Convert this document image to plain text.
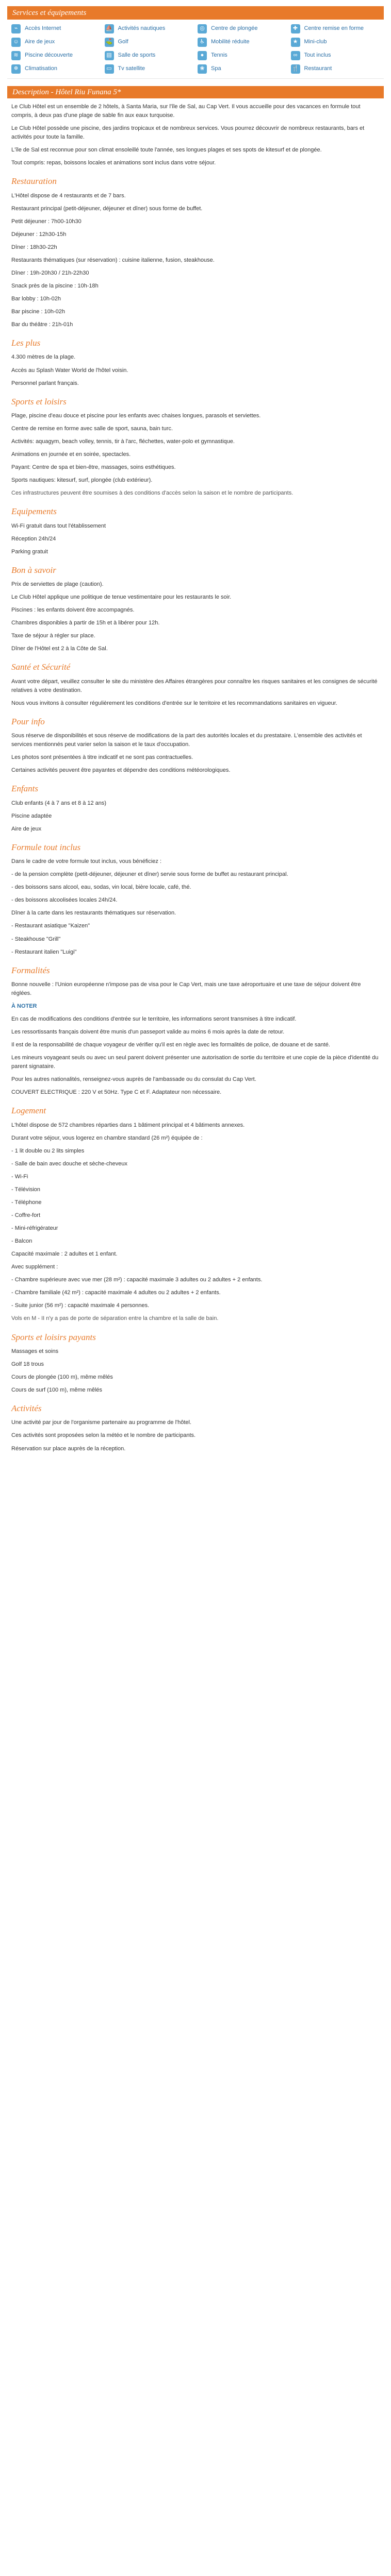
Services et équipements
⌁	Accès Internet	⛵ Activités nautiques	◎	Centre de plongée	✚	Centre remise en forme
☺	Aire de jeux	⛳ Golf	♿	Mobilité réduite	★	Mini-club
≋	Piscine découverte	▤	Salle de sports	●	Tennis	∞	Tout inclus
❄	Climatisation	▭	Tv satellite	❀	Spa	🍴 Restaurant
Description - Hôtel Riu Funana 5*

Le Club Hôtel est un ensemble de 2 hôtels, à Santa Maria, sur l'île de Sal, au Cap Vert. Il vous accueille pour des vacances en formule tout compris, à deux pas d'une plage de sable fin aux eaux turquoise.

Le Club Hôtel possède une piscine, des jardins tropicaux et de nombreux services. Vous pourrez découvrir de nombreux restaurants, bars et activités pour toute la famille.

L'île de Sal est reconnue pour son climat ensoleillé toute l'année, ses longues plages et ses spots de kitesurf et de plongée.

Tout compris: repas, boissons locales et animations sont inclus dans votre séjour.

Restauration

L'Hôtel dispose de 4 restaurants et de 7 bars.

Restaurant principal (petit-déjeuner, déjeuner et dîner) sous forme de buffet.

Petit déjeuner : 7h00-10h30

Déjeuner : 12h30-15h

Dîner : 18h30-22h

Restaurants thématiques (sur réservation) : cuisine italienne, fusion, steakhouse.

Dîner : 19h-20h30 / 21h-22h30

Snack près de la piscine : 10h-18h

Bar lobby : 10h-02h

Bar piscine : 10h-02h

Bar du théâtre : 21h-01h

Les plus

4.300 mètres de la plage.

Accès au Splash Water World de l'hôtel voisin.

Personnel parlant français.

Sports et loisirs

Plage, piscine d'eau douce et piscine pour les enfants avec chaises longues, parasols et serviettes.

Centre de remise en forme avec salle de sport, sauna, bain turc.

Activités: aquagym, beach volley, tennis, tir à l'arc, fléchettes, water-polo et gymnastique.

Animations en journée et en soirée, spectacles.

Payant: Centre de spa et bien-être, massages, soins esthétiques.

Sports nautiques: kitesurf, surf, plongée (club extérieur).

Ces infrastructures peuvent être soumises à des conditions d'accès selon la saison et le nombre de participants.

Equipements

Wi-Fi gratuit dans tout l'établissement

Réception 24h/24

Parking gratuit

Bon à savoir

Prix de serviettes de plage (caution).

Le Club Hôtel applique une politique de tenue vestimentaire pour les restaurants le soir.

Piscines : les enfants doivent être accompagnés.

Chambres disponibles à partir de 15h et à libérer pour 12h.

Taxe de séjour à régler sur place.

Dîner de l'Hôtel est 2 à la Côte de Sal.

Santé et Sécurité

Avant votre départ, veuillez consulter le site du ministère des Affaires étrangères pour connaître les risques sanitaires et les consignes de sécurité relatives à votre destination.

Nous vous invitons à consulter régulièrement les conditions d'entrée sur le territoire et les recommandations sanitaires en vigueur.

Pour info

Sous réserve de disponibilités et sous réserve de modifications de la part des autorités locales et du prestataire. L'ensemble des activités et services mentionnés peut varier selon la saison et le taux d'occupation.

Les photos sont présentées à titre indicatif et ne sont pas contractuelles.

Certaines activités peuvent être payantes et dépendre des conditions météorologiques.

Enfants

Club enfants (4 à 7 ans et 8 à 12 ans)

Piscine adaptée

Aire de jeux

Formule tout inclus

Dans le cadre de votre formule tout inclus, vous bénéficiez :

- de la pension complète (petit-déjeuner, déjeuner et dîner) servie sous forme de buffet au restaurant principal.

- des boissons sans alcool, eau, sodas, vin local, bière locale, café, thé.

- des boissons alcoolisées locales 24h/24.

Dîner à la carte dans les restaurants thématiques sur réservation.

- Restaurant asiatique "Kaizen"

- Steakhouse "Grill"

- Restaurant italien "Luigi"

Formalités

Bonne nouvelle : l'Union européenne n'impose pas de visa pour le Cap Vert, mais une taxe aéroportuaire et une taxe de séjour doivent être réglées.

À NOTER

En cas de modifications des conditions d'entrée sur le territoire, les informations seront transmises à titre indicatif.

Les ressortissants français doivent être munis d'un passeport valide au moins 6 mois après la date de retour.

Il est de la responsabilité de chaque voyageur de vérifier qu'il est en règle avec les formalités de police, de douane et de santé.

Les mineurs voyageant seuls ou avec un seul parent doivent présenter une autorisation de sortie du territoire et une copie de la pièce d'identité du parent signataire.

Pour les autres nationalités, renseignez-vous auprès de l'ambassade ou du consulat du Cap Vert.

COUVERT ELECTRIQUE : 220 V et 50Hz. Type C et F. Adaptateur non nécessaire.

Logement

L'hôtel dispose de 572 chambres réparties dans 1 bâtiment principal et 4 bâtiments annexes.

Durant votre séjour, vous logerez en chambre standard (26 m²) équipée de :

- 1 lit double ou 2 lits simples

- Salle de bain avec douche et sèche-cheveux

- Wi-Fi

- Télévision

- Téléphone

- Coffre-fort

- Mini-réfrigérateur

- Balcon

Capacité maximale : 2 adultes et 1 enfant.

Avec supplément :

- Chambre supérieure avec vue mer (28 m²) : capacité maximale 3 adultes ou 2 adultes + 2 enfants.

- Chambre familiale (42 m²) : capacité maximale 4 adultes ou 2 adultes + 2 enfants.

- Suite junior (56 m²) : capacité maximale 4 personnes.

Vols en M - II n'y a pas de porte de séparation entre la chambre et la salle de bain.

Sports et loisirs payants

Massages et soins

Golf 18 trous

Cours de plongée (100 m), même mêlés

Cours de surf (100 m), même mêlés

Activités

Une activité par jour de l'organisme partenaire au programme de l'hôtel.

Ces activités sont proposées selon la météo et le nombre de participants.

Réservation sur place auprès de la réception.
